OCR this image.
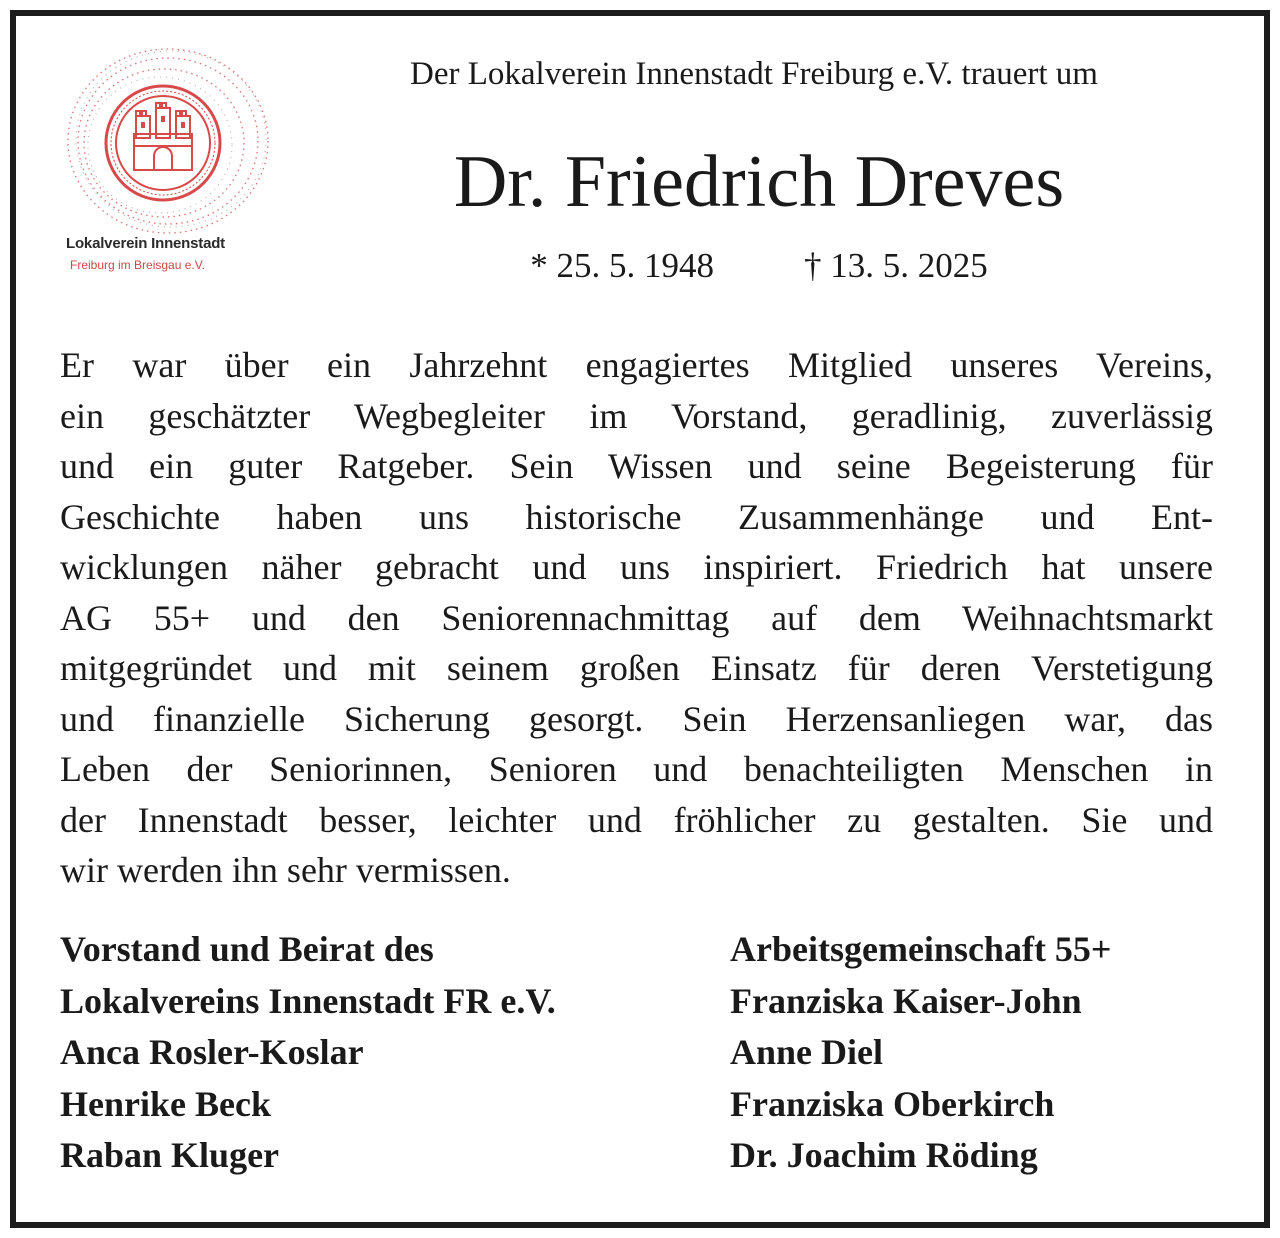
Lokalverein Innenstadt
Freiburg im Breisgau e.V.
Der Lokalverein Innenstadt Freiburg e.V. trauert um
Dr. Friedrich Dreves
* 25. 5. 1948	† 13. 5. 2025
Er war über ein Jahrzehnt engagiertes Mitglied unseres Vereins,
ein geschätzter Wegbegleiter im Vorstand, geradlinig, zuverlässig
und ein guter Ratgeber. Sein Wissen und seine Begeisterung für
Geschichte haben uns historische Zusammenhänge und Ent-
wicklungen näher gebracht und uns inspiriert. Friedrich hat unsere
AG 55+ und den Seniorennachmittag auf dem Weihnachtsmarkt
mitgegründet und mit seinem großen Einsatz für deren Verstetigung
und finanzielle Sicherung gesorgt. Sein Herzensanliegen war, das
Leben der Seniorinnen, Senioren und benachteiligten Menschen in
der Innenstadt besser, leichter und fröhlicher zu gestalten. Sie und
wir werden ihn sehr vermissen.
Vorstand und Beirat des
Lokalvereins Innenstadt FR e.V.
Anca Rosler-Koslar
Henrike Beck
Raban Kluger
Arbeitsgemeinschaft 55+
Franziska Kaiser-John
Anne Diel
Franziska Oberkirch
Dr. Joachim Röding
